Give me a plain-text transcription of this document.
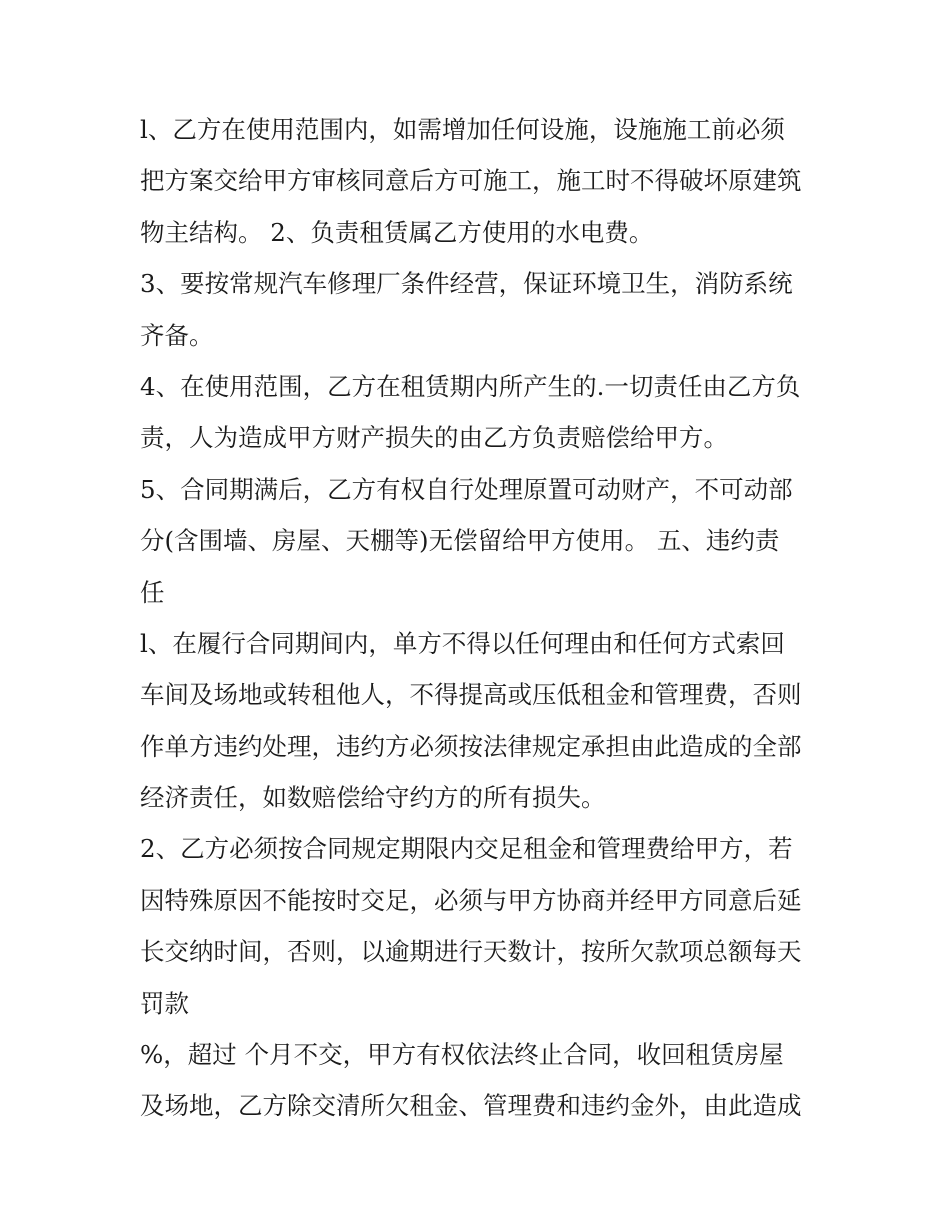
l、乙方在使用范围内，如需增加任何设施，设施施工前必须
把方案交给甲方审核同意后方可施工，施工时不得破坏原建筑
物主结构。 2、负责租赁属乙方使用的水电费。
3、要按常规汽车修理厂条件经营，保证环境卫生，消防系统
齐备。
4、在使用范围，乙方在租赁期内所产生的.一切责任由乙方负
责，人为造成甲方财产损失的由乙方负责赔偿给甲方。
5、合同期满后，乙方有权自行处理原置可动财产，不可动部
分(含围墙、房屋、天棚等)无偿留给甲方使用。 五、违约责
任
l、在履行合同期间内，单方不得以任何理由和任何方式索回
车间及场地或转租他人，不得提高或压低租金和管理费，否则
作单方违约处理，违约方必须按法律规定承担由此造成的全部
经济责任，如数赔偿给守约方的所有损失。
2、乙方必须按合同规定期限内交足租金和管理费给甲方，若
因特殊原因不能按时交足，必须与甲方协商并经甲方同意后延
长交纳时间，否则，以逾期进行天数计，按所欠款项总额每天
罚款
%，超过 个月不交，甲方有权依法终止合同，收回租赁房屋
及场地，乙方除交清所欠租金、管理费和违约金外，由此造成
